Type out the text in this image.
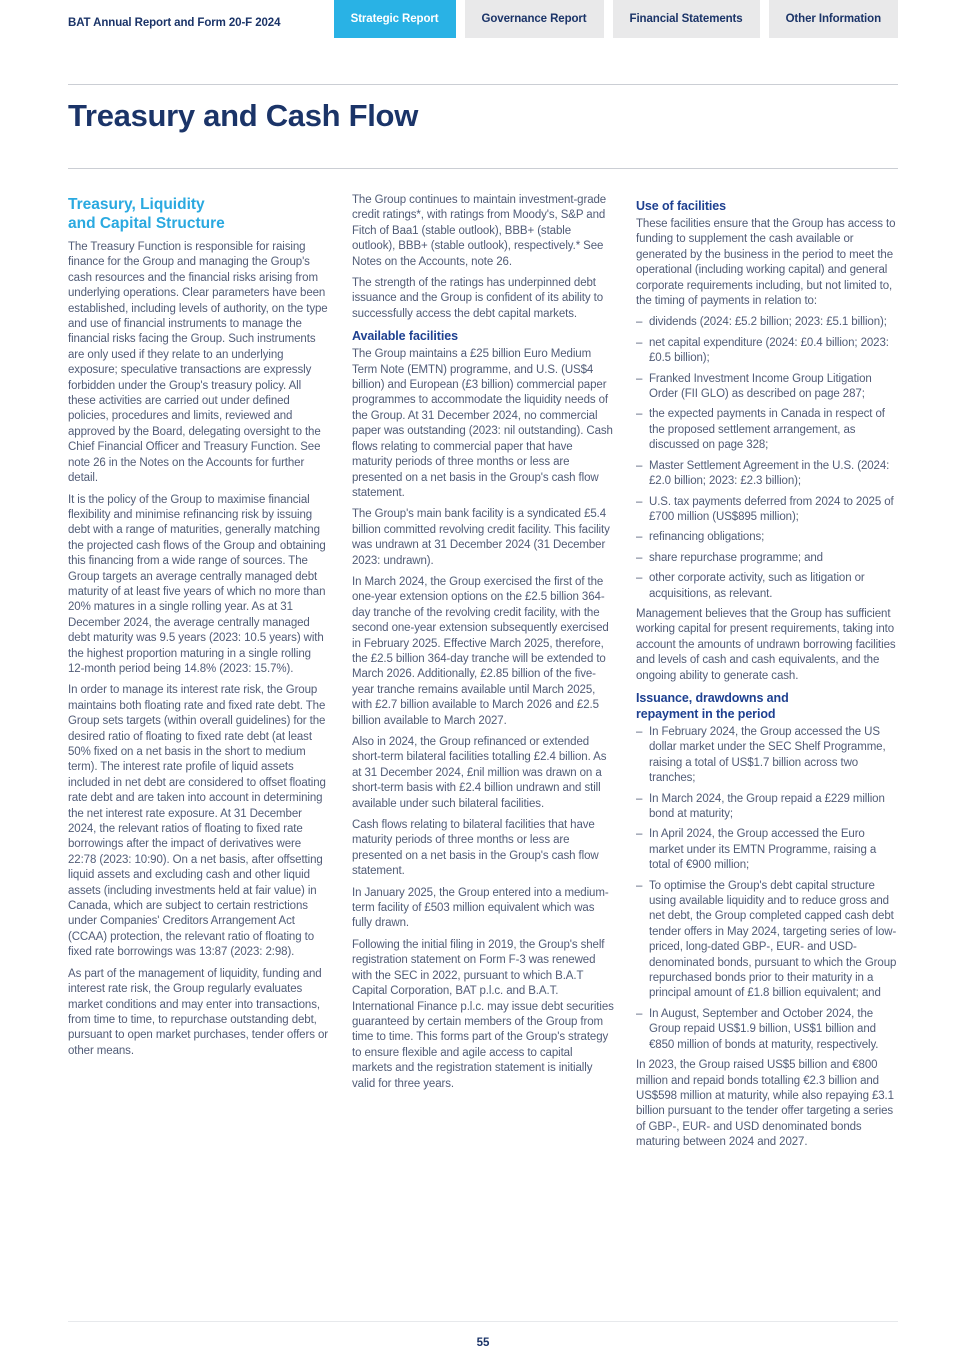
BAT Annual Report and Form 20-F 2024	Strategic Report	Governance Report	Financial Statements	Other Information
Treasury and Cash Flow
Treasury, Liquidity
and Capital Structure

The Treasury Function is responsible for raising finance for the Group and managing the Group's cash resources and the financial risks arising from underlying operations. Clear parameters have been established, including levels of authority, on the type and use of financial instruments to manage the financial risks facing the Group. Such instruments are only used if they relate to an underlying exposure; speculative transactions are expressly forbidden under the Group's treasury policy. All these activities are carried out under defined policies, procedures and limits, reviewed and approved by the Board, delegating oversight to the Chief Financial Officer and Treasury Function. See note 26 in the Notes on the Accounts for further detail.

It is the policy of the Group to maximise financial flexibility and minimise refinancing risk by issuing debt with a range of maturities, generally matching the projected cash flows of the Group and obtaining this financing from a wide range of sources. The Group targets an average centrally managed debt maturity of at least five years of which no more than 20% matures in a single rolling year. As at 31 December 2024, the average centrally managed debt maturity was 9.5 years (2023: 10.5 years) with the highest proportion maturing in a single rolling 12-month period being 14.8% (2023: 15.7%).

In order to manage its interest rate risk, the Group maintains both floating rate and fixed rate debt. The Group sets targets (within overall guidelines) for the desired ratio of floating to fixed rate debt (at least 50% fixed on a net basis in the short to medium term). The interest rate profile of liquid assets included in net debt are considered to offset floating rate debt and are taken into account in determining the net interest rate exposure. At 31 December 2024, the relevant ratios of floating to fixed rate borrowings after the impact of derivatives were 22:78 (2023: 10:90). On a net basis, after offsetting liquid assets and excluding cash and other liquid assets (including investments held at fair value) in Canada, which are subject to certain restrictions under Companies' Creditors Arrangement Act (CCAA) protection, the relevant ratio of floating to fixed rate borrowings was 13:87 (2023: 2:98).

As part of the management of liquidity, funding and interest rate risk, the Group regularly evaluates market conditions and may enter into transactions, from time to time, to repurchase outstanding debt, pursuant to open market purchases, tender offers or other means.

The Group continues to maintain investment-grade credit ratings*, with ratings from Moody's, S&P and Fitch of Baa1 (stable outlook), BBB+ (stable outlook), BBB+ (stable outlook), respectively.* See Notes on the Accounts, note 26.

The strength of the ratings has underpinned debt issuance and the Group is confident of its ability to successfully access the debt capital markets.

Available facilities

The Group maintains a £25 billion Euro Medium Term Note (EMTN) programme, and U.S. (US$4 billion) and European (£3 billion) commercial paper programmes to accommodate the liquidity needs of the Group. At 31 December 2024, no commercial paper was outstanding (2023: nil outstanding). Cash flows relating to commercial paper that have maturity periods of three months or less are presented on a net basis in the Group's cash flow statement.

The Group's main bank facility is a syndicated £5.4 billion committed revolving credit facility. This facility was undrawn at 31 December 2024 (31 December 2023: undrawn).

In March 2024, the Group exercised the first of the one-year extension options on the £2.5 billion 364-day tranche of the revolving credit facility, with the second one-year extension subsequently exercised in February 2025. Effective March 2025, therefore, the £2.5 billion 364-day tranche will be extended to March 2026. Additionally, £2.85 billion of the five-year tranche remains available until March 2025, with £2.7 billion available to March 2026 and £2.5 billion available to March 2027.

Also in 2024, the Group refinanced or extended short-term bilateral facilities totalling £2.4 billion. As at 31 December 2024, £nil million was drawn on a short-term basis with £2.4 billion undrawn and still available under such bilateral facilities.

Cash flows relating to bilateral facilities that have maturity periods of three months or less are presented on a net basis in the Group's cash flow statement.

In January 2025, the Group entered into a medium-term facility of £503 million equivalent which was fully drawn.

Following the initial filing in 2019, the Group's shelf registration statement on Form F-3 was renewed with the SEC in 2022, pursuant to which B.A.T Capital Corporation, BAT p.l.c. and B.A.T. International Finance p.l.c. may issue debt securities guaranteed by certain members of the Group from time to time. This forms part of the Group's strategy to ensure flexible and agile access to capital markets and the registration statement is initially valid for three years.

Use of facilities

These facilities ensure that the Group has access to funding to supplement the cash available or generated by the business in the period to meet the operational (including working capital) and general corporate requirements including, but not limited to, the timing of payments in relation to:

– dividends (2024: £5.2 billion; 2023: £5.1 billion);
– net capital expenditure (2024: £0.4 billion; 2023: £0.5 billion);
– Franked Investment Income Group Litigation Order (FII GLO) as described on page 287;
– the expected payments in Canada in respect of the proposed settlement arrangement, as discussed on page 328;
– Master Settlement Agreement in the U.S. (2024: £2.0 billion; 2023: £2.3 billion);
– U.S. tax payments deferred from 2024 to 2025 of £700 million (US$895 million);
– refinancing obligations;
– share repurchase programme; and
– other corporate activity, such as litigation or acquisitions, as relevant.

Management believes that the Group has sufficient working capital for present requirements, taking into account the amounts of undrawn borrowing facilities and levels of cash and cash equivalents, and the ongoing ability to generate cash.

Issuance, drawdowns and
repayment in the period
– In February 2024, the Group accessed the US dollar market under the SEC Shelf Programme, raising a total of US$1.7 billion across two tranches;
– In March 2024, the Group repaid a £229 million bond at maturity;
– In April 2024, the Group accessed the Euro market under its EMTN Programme, raising a total of €900 million;
– To optimise the Group's debt capital structure using available liquidity and to reduce gross and net debt, the Group completed capped cash debt tender offers in May 2024, targeting series of low-priced, long-dated GBP-, EUR- and USD-denominated bonds, pursuant to which the Group repurchased bonds prior to their maturity in a principal amount of £1.8 billion equivalent; and
– In August, September and October 2024, the Group repaid US$1.9 billion, US$1 billion and €850 million of bonds at maturity, respectively.

In 2023, the Group raised US$5 billion and €800 million and repaid bonds totalling €2.3 billion and US$598 million at maturity, while also repaying £3.1 billion pursuant to the tender offer targeting a series of GBP-, EUR- and USD denominated bonds maturing between 2024 and 2027.

55
